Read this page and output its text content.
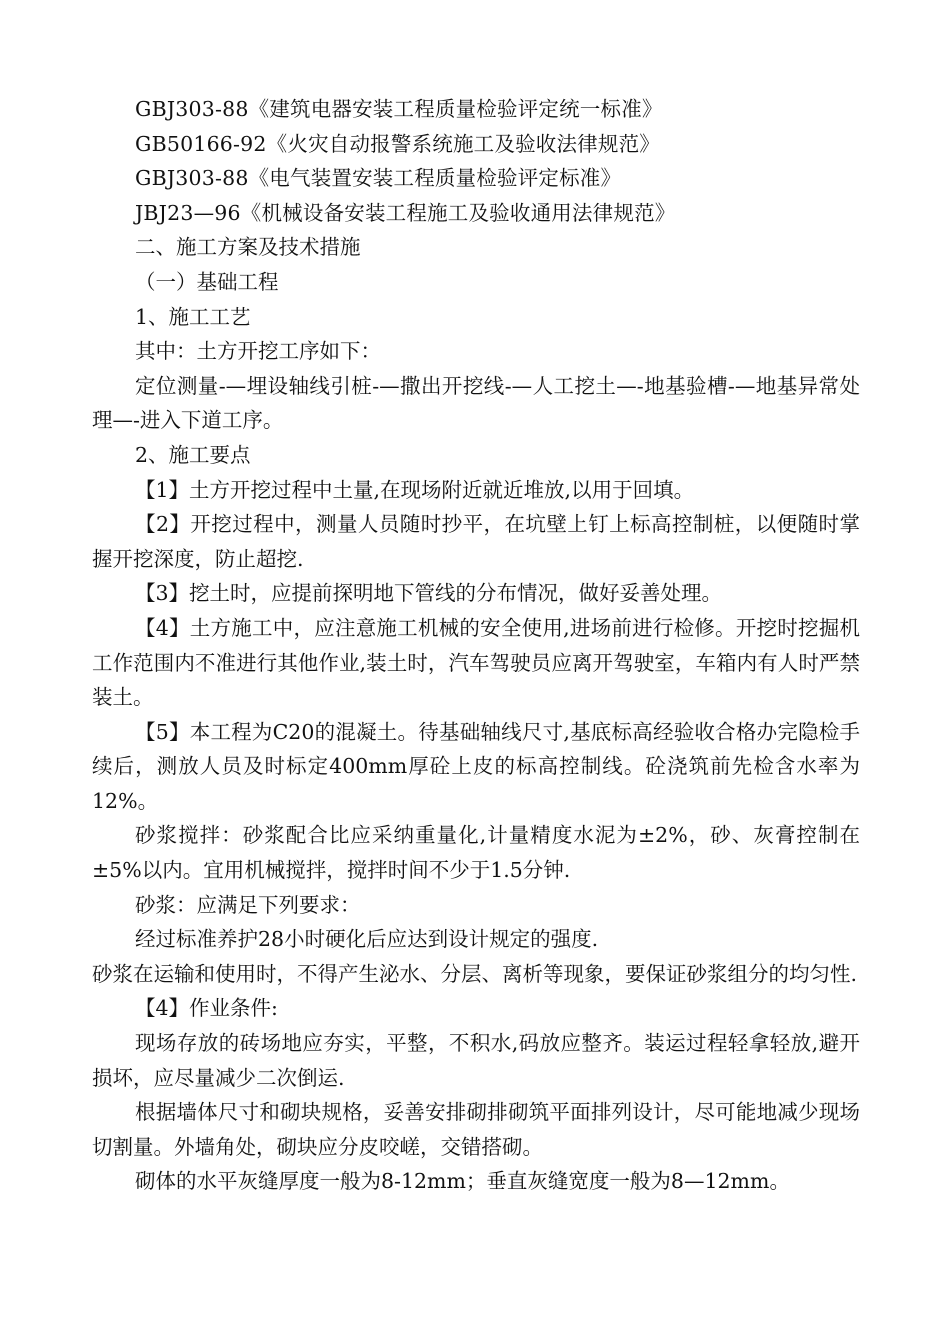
GBJ303-88《建筑电器安装工程质量检验评定统一标准》

GB50166-92《火灾自动报警系统施工及验收法律规范》

GBJ303-88《电气装置安装工程质量检验评定标准》

JBJ23—96《机械设备安装工程施工及验收通用法律规范》

二、施工方案及技术措施

（一）基础工程

1、施工工艺

其中：土方开挖工序如下：

定位测量-—埋设轴线引桩-—撒出开挖线-—人工挖土—-地基验槽-—地基异常处理—-进入下道工序。

2、施工要点

【1】土方开挖过程中土量,在现场附近就近堆放,以用于回填。

【2】开挖过程中，测量人员随时抄平，在坑壁上钉上标高控制桩，以便随时掌握开挖深度，防止超挖.

【3】挖土时，应提前探明地下管线的分布情况，做好妥善处理。

【4】土方施工中，应注意施工机械的安全使用,进场前进行检修。开挖时挖掘机工作范围内不准进行其他作业,装土时，汽车驾驶员应离开驾驶室，车箱内有人时严禁装土。

【5】本工程为C20的混凝土。待基础轴线尺寸,基底标高经验收合格办完隐检手续后，测放人员及时标定400mm厚砼上皮的标高控制线。砼浇筑前先检含水率为12%。

砂浆搅拌：砂浆配合比应采纳重量化,计量精度水泥为±2%，砂、灰膏控制在±5%以内。宜用机械搅拌，搅拌时间不少于1.5分钟.

砂浆：应满足下列要求：

经过标准养护28小时硬化后应达到设计规定的强度.

砂浆在运输和使用时，不得产生泌水、分层、离析等现象，要保证砂浆组分的均匀性.

【4】作业条件:

现场存放的砖场地应夯实，平整，不积水,码放应整齐。装运过程轻拿轻放,避开损坏，应尽量减少二次倒运.

根据墙体尺寸和砌块规格，妥善安排砌排砌筑平面排列设计，尽可能地减少现场切割量。外墙角处，砌块应分皮咬嵯，交错搭砌。

砌体的水平灰缝厚度一般为8-12mm；垂直灰缝宽度一般为8—12mm。
